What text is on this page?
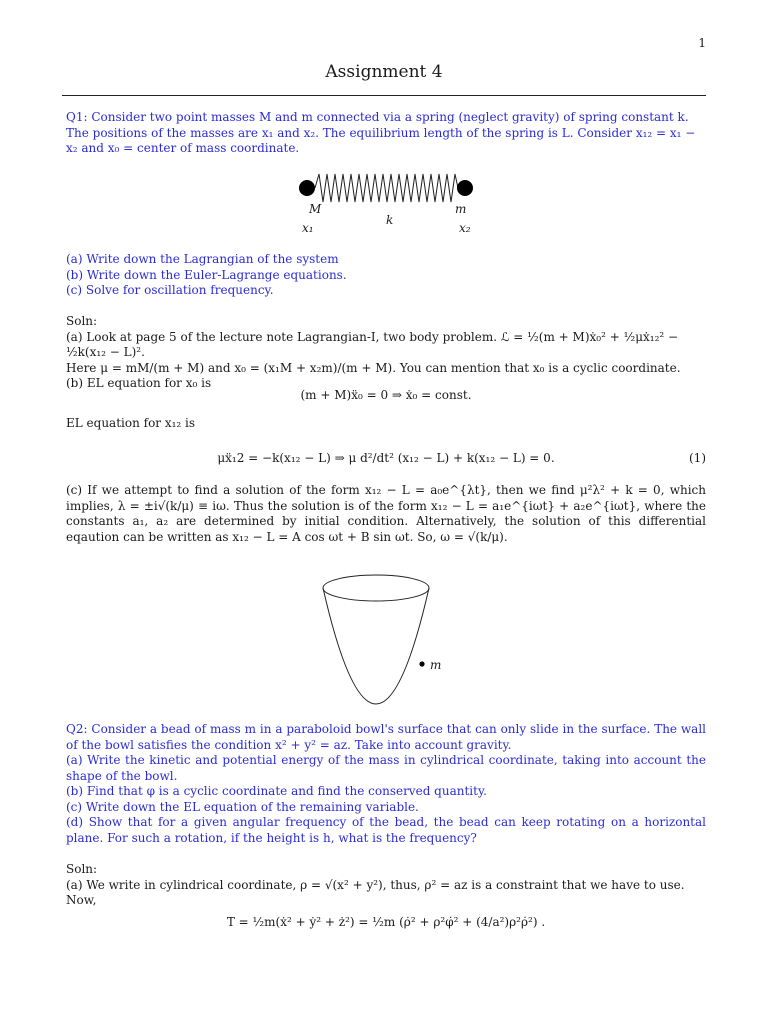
1
Assignment 4

Q1: Consider two point masses M and m connected via a spring (neglect gravity) of spring constant k. The positions of the masses are x₁ and x₂. The equilibrium length of the spring is L. Consider x₁₂ = x₁ − x₂ and x₀ = center of mass coordinate.

M	m
k
x₁	x₂

(a) Write down the Lagrangian of the system

(b) Write down the Euler-Lagrange equations.

(c) Solve for oscillation frequency.

Soln:

(a) Look at page 5 of the lecture note Lagrangian-I, two body problem. ℒ = ½(m + M)ẋ₀² + ½μẋ₁₂² − ½k(x₁₂ − L)².

Here μ = mM/(m + M) and x₀ = (x₁M + x₂m)/(m + M). You can mention that x₀ is a cyclic coordinate.

(b) EL equation for x₀ is

(m + M)ẍ₀ = 0 ⇒ ẋ₀ = const.
EL equation for x₁₂ is
μẍ₁2 = −k(x₁₂ − L) ⇒ μ d²/dt² (x₁₂ − L) + k(x₁₂ − L) = 0.	(1)
(c) If we attempt to find a solution of the form x₁₂ − L = a₀e^{λt}, then we find μ²λ² + k = 0, which implies, λ = ±i√(k/μ) ≡ iω. Thus the solution is of the form x₁₂ − L = a₁e^{iωt} + a₂e^{iωt}, where the constants a₁, a₂ are determined by initial condition. Alternatively, the solution of this differential eqaution can be written as x₁₂ − L = A cos ωt + B sin ωt. So, ω = √(k/μ).
m

Q2: Consider a bead of mass m in a paraboloid bowl's surface that can only slide in the surface. The wall of the bowl satisfies the condition x² + y² = az. Take into account gravity.

(a) Write the kinetic and potential energy of the mass in cylindrical coordinate, taking into account the shape of the bowl.

(b) Find that φ is a cyclic coordinate and find the conserved quantity.

(c) Write down the EL equation of the remaining variable.

(d) Show that for a given angular frequency of the bead, the bead can keep rotating on a horizontal plane. For such a rotation, if the height is h, what is the frequency?

Soln:

(a) We write in cylindrical coordinate, ρ = √(x² + y²), thus, ρ² = az is a constraint that we have to use. Now,

T = ½m(ẋ² + ẏ² + ż²) = ½m (ρ̇² + ρ²φ̇² + (4/a²)ρ²ρ̇²) .
